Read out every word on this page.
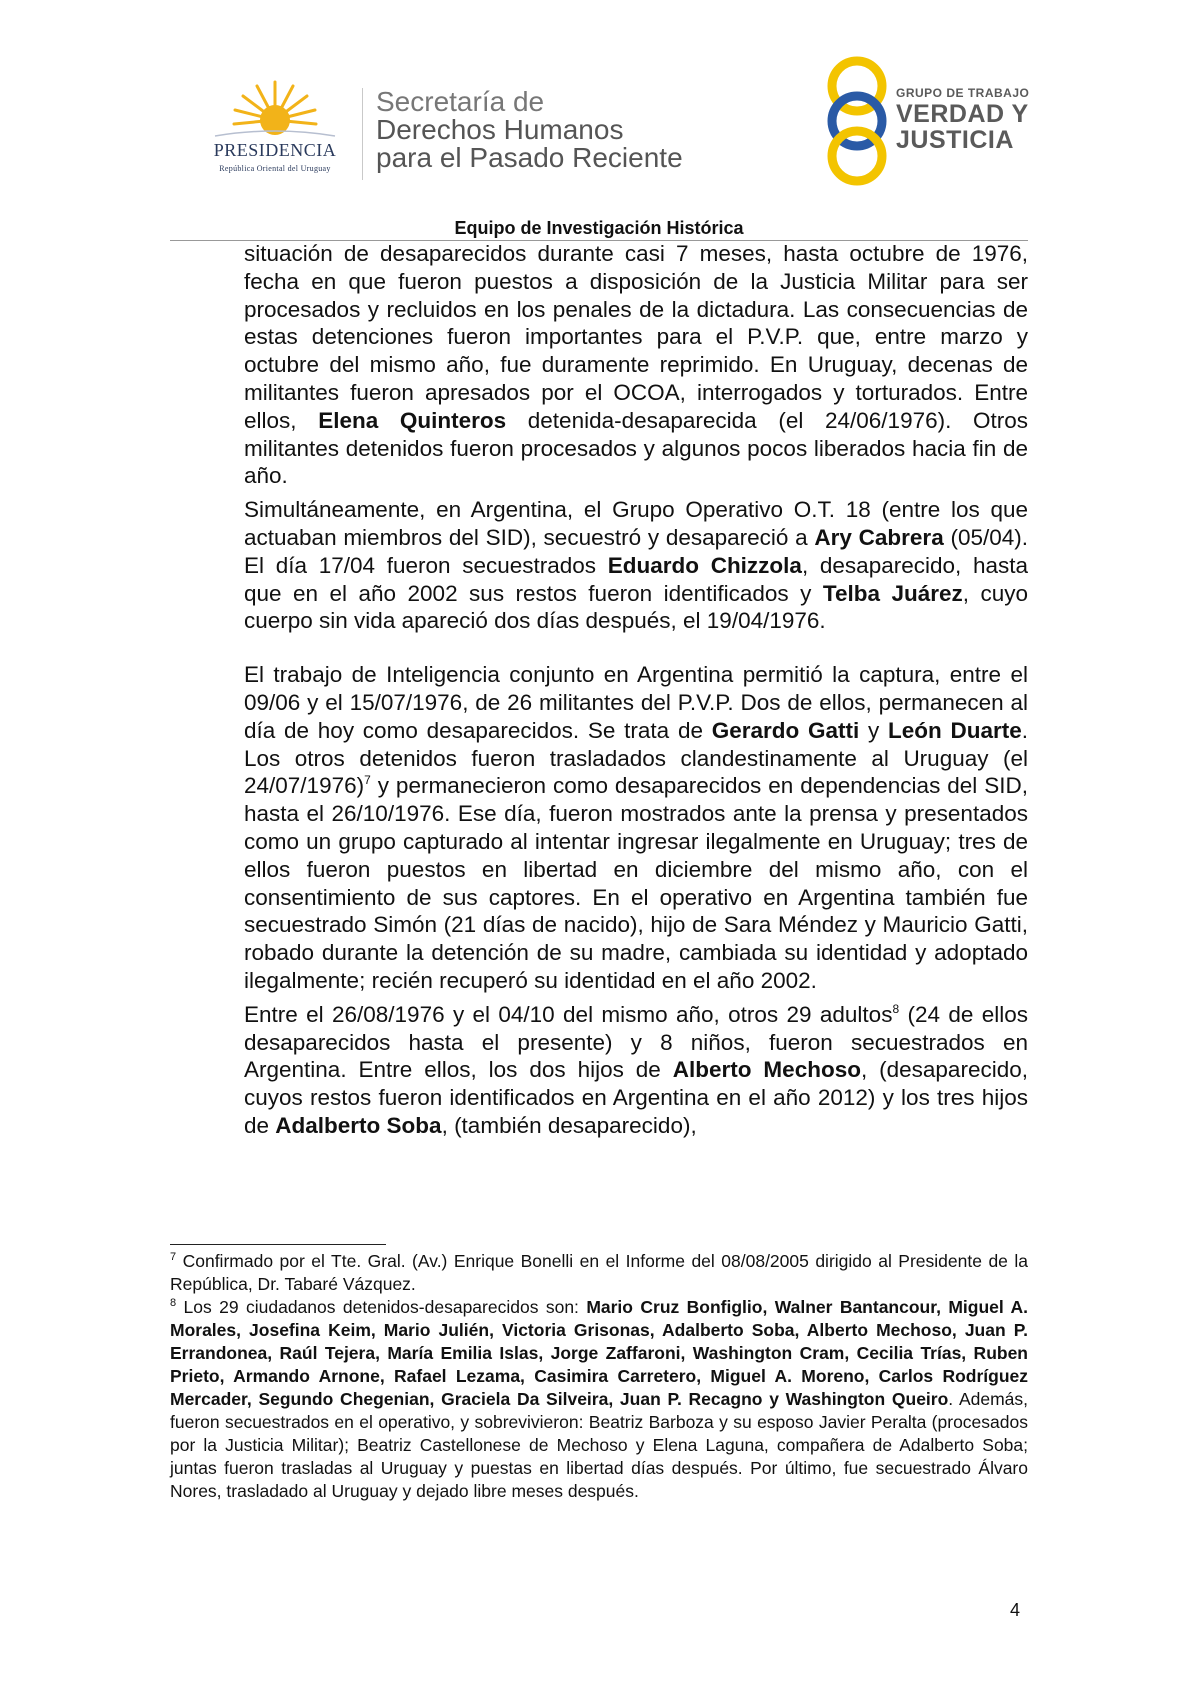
PRESIDENCIA
República Oriental del Uruguay
Secretaría de
Derechos Humanos
para el Pasado Reciente
GRUPO DE TRABAJO
VERDAD Y
JUSTICIA
Equipo de Investigación Histórica

situación de desaparecidos durante casi 7 meses, hasta octubre de 1976, fecha en que fueron puestos a disposición de la Justicia Militar para ser procesados y recluidos en los penales de la dictadura. Las consecuencias de estas detenciones fueron importantes para el P.V.P. que, entre marzo y octubre del mismo año, fue duramente reprimido. En Uruguay, decenas de militantes fueron apresados por el OCOA, interrogados y torturados. Entre ellos, Elena Quinteros detenida-desaparecida (el 24/06/1976). Otros militantes detenidos fueron procesados y algunos pocos liberados hacia fin de año.

Simultáneamente, en Argentina, el Grupo Operativo O.T. 18 (entre los que actuaban miembros del SID), secuestró y desapareció a Ary Cabrera (05/04). El día 17/04 fueron secuestrados Eduardo Chizzola, desaparecido, hasta que en el año 2002 sus restos fueron identificados y Telba Juárez, cuyo cuerpo sin vida apareció dos días después, el 19/04/1976.

El trabajo de Inteligencia conjunto en Argentina permitió la captura, entre el 09/06 y el 15/07/1976, de 26 militantes del P.V.P. Dos de ellos, permanecen al día de hoy como desaparecidos. Se trata de Gerardo Gatti y León Duarte. Los otros detenidos fueron trasladados clandestinamente al Uruguay (el 24/07/1976)$^7$ y permanecieron como desaparecidos en dependencias del SID, hasta el 26/10/1976. Ese día, fueron mostrados ante la prensa y presentados como un grupo capturado al intentar ingresar ilegalmente en Uruguay; tres de ellos fueron puestos en libertad en diciembre del mismo año, con el consentimiento de sus captores. En el operativo en Argentina también fue secuestrado Simón (21 días de nacido), hijo de Sara Méndez y Mauricio Gatti, robado durante la detención de su madre, cambiada su identidad y adoptado ilegalmente; recién recuperó su identidad en el año 2002.

Entre el 26/08/1976 y el 04/10 del mismo año, otros 29 adultos$^8$ (24 de ellos desaparecidos hasta el presente) y 8 niños, fueron secuestrados en Argentina. Entre ellos, los dos hijos de Alberto Mechoso, (desaparecido, cuyos restos fueron identificados en Argentina en el año 2012) y los tres hijos de Adalberto Soba, (también desaparecido),

$^7$ Confirmado por el Tte. Gral. (Av.) Enrique Bonelli en el Informe del 08/08/2005 dirigido al Presidente de la República, Dr. Tabaré Vázquez.

$^8$ Los 29 ciudadanos detenidos-desaparecidos son: Mario Cruz Bonfiglio, Walner Bantancour, Miguel A. Morales, Josefina Keim, Mario Julién, Victoria Grisonas, Adalberto Soba, Alberto Mechoso, Juan P. Errandonea, Raúl Tejera, María Emilia Islas, Jorge Zaffaroni, Washington Cram, Cecilia Trías, Ruben Prieto, Armando Arnone, Rafael Lezama, Casimira Carretero, Miguel A. Moreno, Carlos Rodríguez Mercader, Segundo Chegenian, Graciela Da Silveira, Juan P. Recagno y Washington Queiro. Además, fueron secuestrados en el operativo, y sobrevivieron: Beatriz Barboza y su esposo Javier Peralta (procesados por la Justicia Militar); Beatriz Castellonese de Mechoso y Elena Laguna, compañera de Adalberto Soba; juntas fueron trasladas al Uruguay y puestas en libertad días después. Por último, fue secuestrado Álvaro Nores, trasladado al Uruguay y dejado libre meses después.

4
